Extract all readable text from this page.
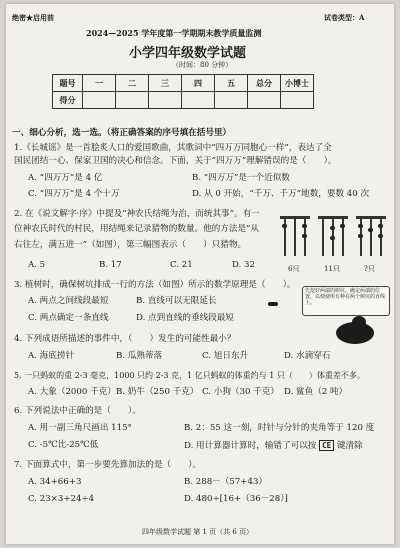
绝密★启用前	试卷类型：A
2024—2025 学年度第一学期期末教学质量监测
小学四年级数学试题
（时间：80 分钟）
题号	一	二	三	四	五	总分	小博士
得分							
一、细心分析，选一选。（将正确答案的序号填在括号里）
1.《长城谣》是一首脍炙人口的爱国歌曲，其歌词中“四万万同胞心一样”，表达了全
国民团结一心、保家卫国的决心和信念。下面，关于“四万万”理解错误的是（　　）。
A. “四万万”是 4 亿	B. “四万万”是一个近似数
C. “四万万”是 4 个十万	D. 从 0 开始，“千万、千万”地数，要数 40 次
2. 在《说文解字·序》中提及“神农氏结绳为治，而统其事”。有一
位神农氏时代的村民，用结绳来记录猎物的数量。他的方法是“从
右往左，满五进一”（如图），第三幅图表示（　　）只猎物。
A. 5	B. 17	C. 21	D. 32	6只	11只	?只
3. 植树时，确保树坑排成一行的方法（如图）所示的数学原理是（　　）。
A. 两点之间线段最短	B. 直线可以无限延长
C. 两点确定一条直线	D. 点到直线的垂线段最短
先挖好两端的树坑，确定两端的位置，以便使所有种在两个树坑的直线上。
4. 下列成语所描述的事件中，（　　）发生的可能性最小？
A. 海底捞针	B. 瓜熟蒂落	C. 旭日东升	D. 水滴穿石
5. 一只蚂蚁的重 2-3 毫克，1000 只约 2-3 克，1 亿只蚂蚁的体重约与 1 只（　　）体重差不多。
A. 大象（2000 千克） B. 奶牛（250 千克） C. 小狗（30 千克） D. 鲨鱼（2 吨）
6. 下列说法中正确的是（　　）。
A. 用一副三角尺画出 115°	B. 2：55 这一刻，时针与分针的夹角等于 120 度
C. -5℃比-25℃低	D. 用计算器计算时，输错了可以按 CE 键清除
7. 下面算式中，第一步要先算加法的是（　　）。
A. 34+66+3	B. 288－（57+43）
C. 23×3+24÷4	D. 480÷[16+（36－28）]
四年级数学试题 第 1 页（共 6 页）
